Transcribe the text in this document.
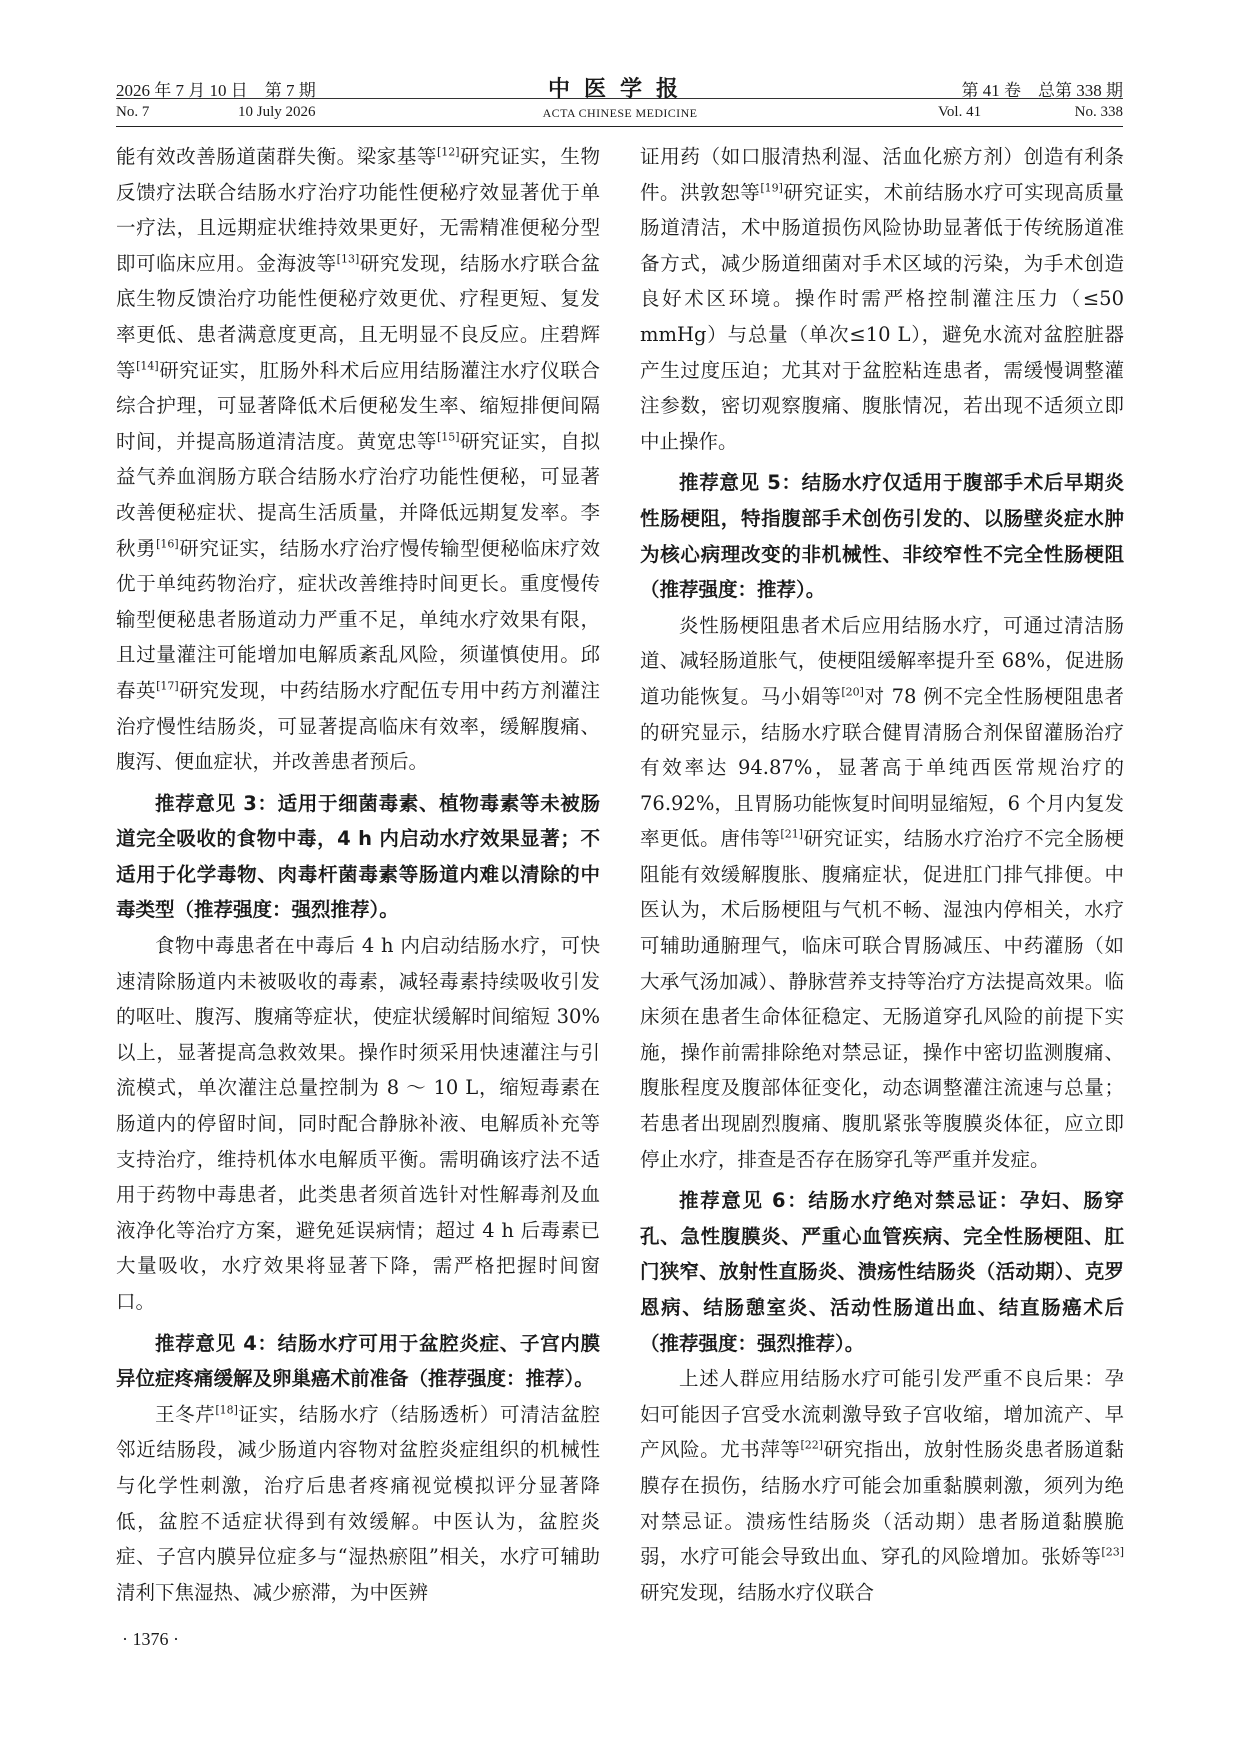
2026 年 7 月 10 日　第 7 期
No. 7	10 July 2026
中医学报
ACTA CHINESE MEDICINE
第 41 卷　总第 338 期
Vol. 41	No. 338

能有效改善肠道菌群失衡。梁家基等[12]研究证实，生物反馈疗法联合结肠水疗治疗功能性便秘疗效显著优于单一疗法，且远期症状维持效果更好，无需精准便秘分型即可临床应用。金海波等[13]研究发现，结肠水疗联合盆底生物反馈治疗功能性便秘疗效更优、疗程更短、复发率更低、患者满意度更高，且无明显不良反应。庄碧辉等[14]研究证实，肛肠外科术后应用结肠灌注水疗仪联合综合护理，可显著降低术后便秘发生率、缩短排便间隔时间，并提高肠道清洁度。黄宽忠等[15]研究证实，自拟益气养血润肠方联合结肠水疗治疗功能性便秘，可显著改善便秘症状、提高生活质量，并降低远期复发率。李秋勇[16]研究证实，结肠水疗治疗慢传输型便秘临床疗效优于单纯药物治疗，症状改善维持时间更长。重度慢传输型便秘患者肠道动力严重不足，单纯水疗效果有限，且过量灌注可能增加电解质紊乱风险，须谨慎使用。邱春英[17]研究发现，中药结肠水疗配伍专用中药方剂灌注治疗慢性结肠炎，可显著提高临床有效率，缓解腹痛、腹泻、便血症状，并改善患者预后。

推荐意见 3：适用于细菌毒素、植物毒素等未被肠道完全吸收的食物中毒，4 h 内启动水疗效果显著；不适用于化学毒物、肉毒杆菌毒素等肠道内难以清除的中毒类型（推荐强度：强烈推荐）。

食物中毒患者在中毒后 4 h 内启动结肠水疗，可快速清除肠道内未被吸收的毒素，减轻毒素持续吸收引发的呕吐、腹泻、腹痛等症状，使症状缓解时间缩短 30% 以上，显著提高急救效果。操作时须采用快速灌注与引流模式，单次灌注总量控制为 8 ～ 10 L，缩短毒素在肠道内的停留时间，同时配合静脉补液、电解质补充等支持治疗，维持机体水电解质平衡。需明确该疗法不适用于药物中毒患者，此类患者须首选针对性解毒剂及血液净化等治疗方案，避免延误病情；超过 4 h 后毒素已大量吸收，水疗效果将显著下降，需严格把握时间窗口。

推荐意见 4：结肠水疗可用于盆腔炎症、子宫内膜异位症疼痛缓解及卵巢癌术前准备（推荐强度：推荐）。

王冬芹[18]证实，结肠水疗（结肠透析）可清洁盆腔邻近结肠段，减少肠道内容物对盆腔炎症组织的机械性与化学性刺激，治疗后患者疼痛视觉模拟评分显著降低，盆腔不适症状得到有效缓解。中医认为，盆腔炎症、子宫内膜异位症多与“湿热瘀阻”相关，水疗可辅助清利下焦湿热、减少瘀滞，为中医辨

证用药（如口服清热利湿、活血化瘀方剂）创造有利条件。洪敦恕等[19]研究证实，术前结肠水疗可实现高质量肠道清洁，术中肠道损伤风险协助显著低于传统肠道准备方式，减少肠道细菌对手术区域的污染，为手术创造良好术区环境。操作时需严格控制灌注压力（≤50 mmHg）与总量（单次≤10 L），避免水流对盆腔脏器产生过度压迫；尤其对于盆腔粘连患者，需缓慢调整灌注参数，密切观察腹痛、腹胀情况，若出现不适须立即中止操作。

推荐意见 5：结肠水疗仅适用于腹部手术后早期炎性肠梗阻，特指腹部手术创伤引发的、以肠壁炎症水肿为核心病理改变的非机械性、非绞窄性不完全性肠梗阻（推荐强度：推荐）。

炎性肠梗阻患者术后应用结肠水疗，可通过清洁肠道、减轻肠道胀气，使梗阻缓解率提升至 68%，促进肠道功能恢复。马小娟等[20]对 78 例不完全性肠梗阻患者的研究显示，结肠水疗联合健胃清肠合剂保留灌肠治疗有效率达 94.87%，显著高于单纯西医常规治疗的 76.92%，且胃肠功能恢复时间明显缩短，6 个月内复发率更低。唐伟等[21]研究证实，结肠水疗治疗不完全肠梗阻能有效缓解腹胀、腹痛症状，促进肛门排气排便。中医认为，术后肠梗阻与气机不畅、湿浊内停相关，水疗可辅助通腑理气，临床可联合胃肠减压、中药灌肠（如大承气汤加减）、静脉营养支持等治疗方法提高效果。临床须在患者生命体征稳定、无肠道穿孔风险的前提下实施，操作前需排除绝对禁忌证，操作中密切监测腹痛、腹胀程度及腹部体征变化，动态调整灌注流速与总量；若患者出现剧烈腹痛、腹肌紧张等腹膜炎体征，应立即停止水疗，排查是否存在肠穿孔等严重并发症。

推荐意见 6：结肠水疗绝对禁忌证：孕妇、肠穿孔、急性腹膜炎、严重心血管疾病、完全性肠梗阻、肛门狭窄、放射性直肠炎、溃疡性结肠炎（活动期）、克罗恩病、结肠憩室炎、活动性肠道出血、结直肠癌术后（推荐强度：强烈推荐）。

上述人群应用结肠水疗可能引发严重不良后果：孕妇可能因子宫受水流刺激导致子宫收缩，增加流产、早产风险。尤书萍等[22]研究指出，放射性肠炎患者肠道黏膜存在损伤，结肠水疗可能会加重黏膜刺激，须列为绝对禁忌证。溃疡性结肠炎（活动期）患者肠道黏膜脆弱，水疗可能会导致出血、穿孔的风险增加。张娇等[23]研究发现，结肠水疗仪联合

· 1376 ·
